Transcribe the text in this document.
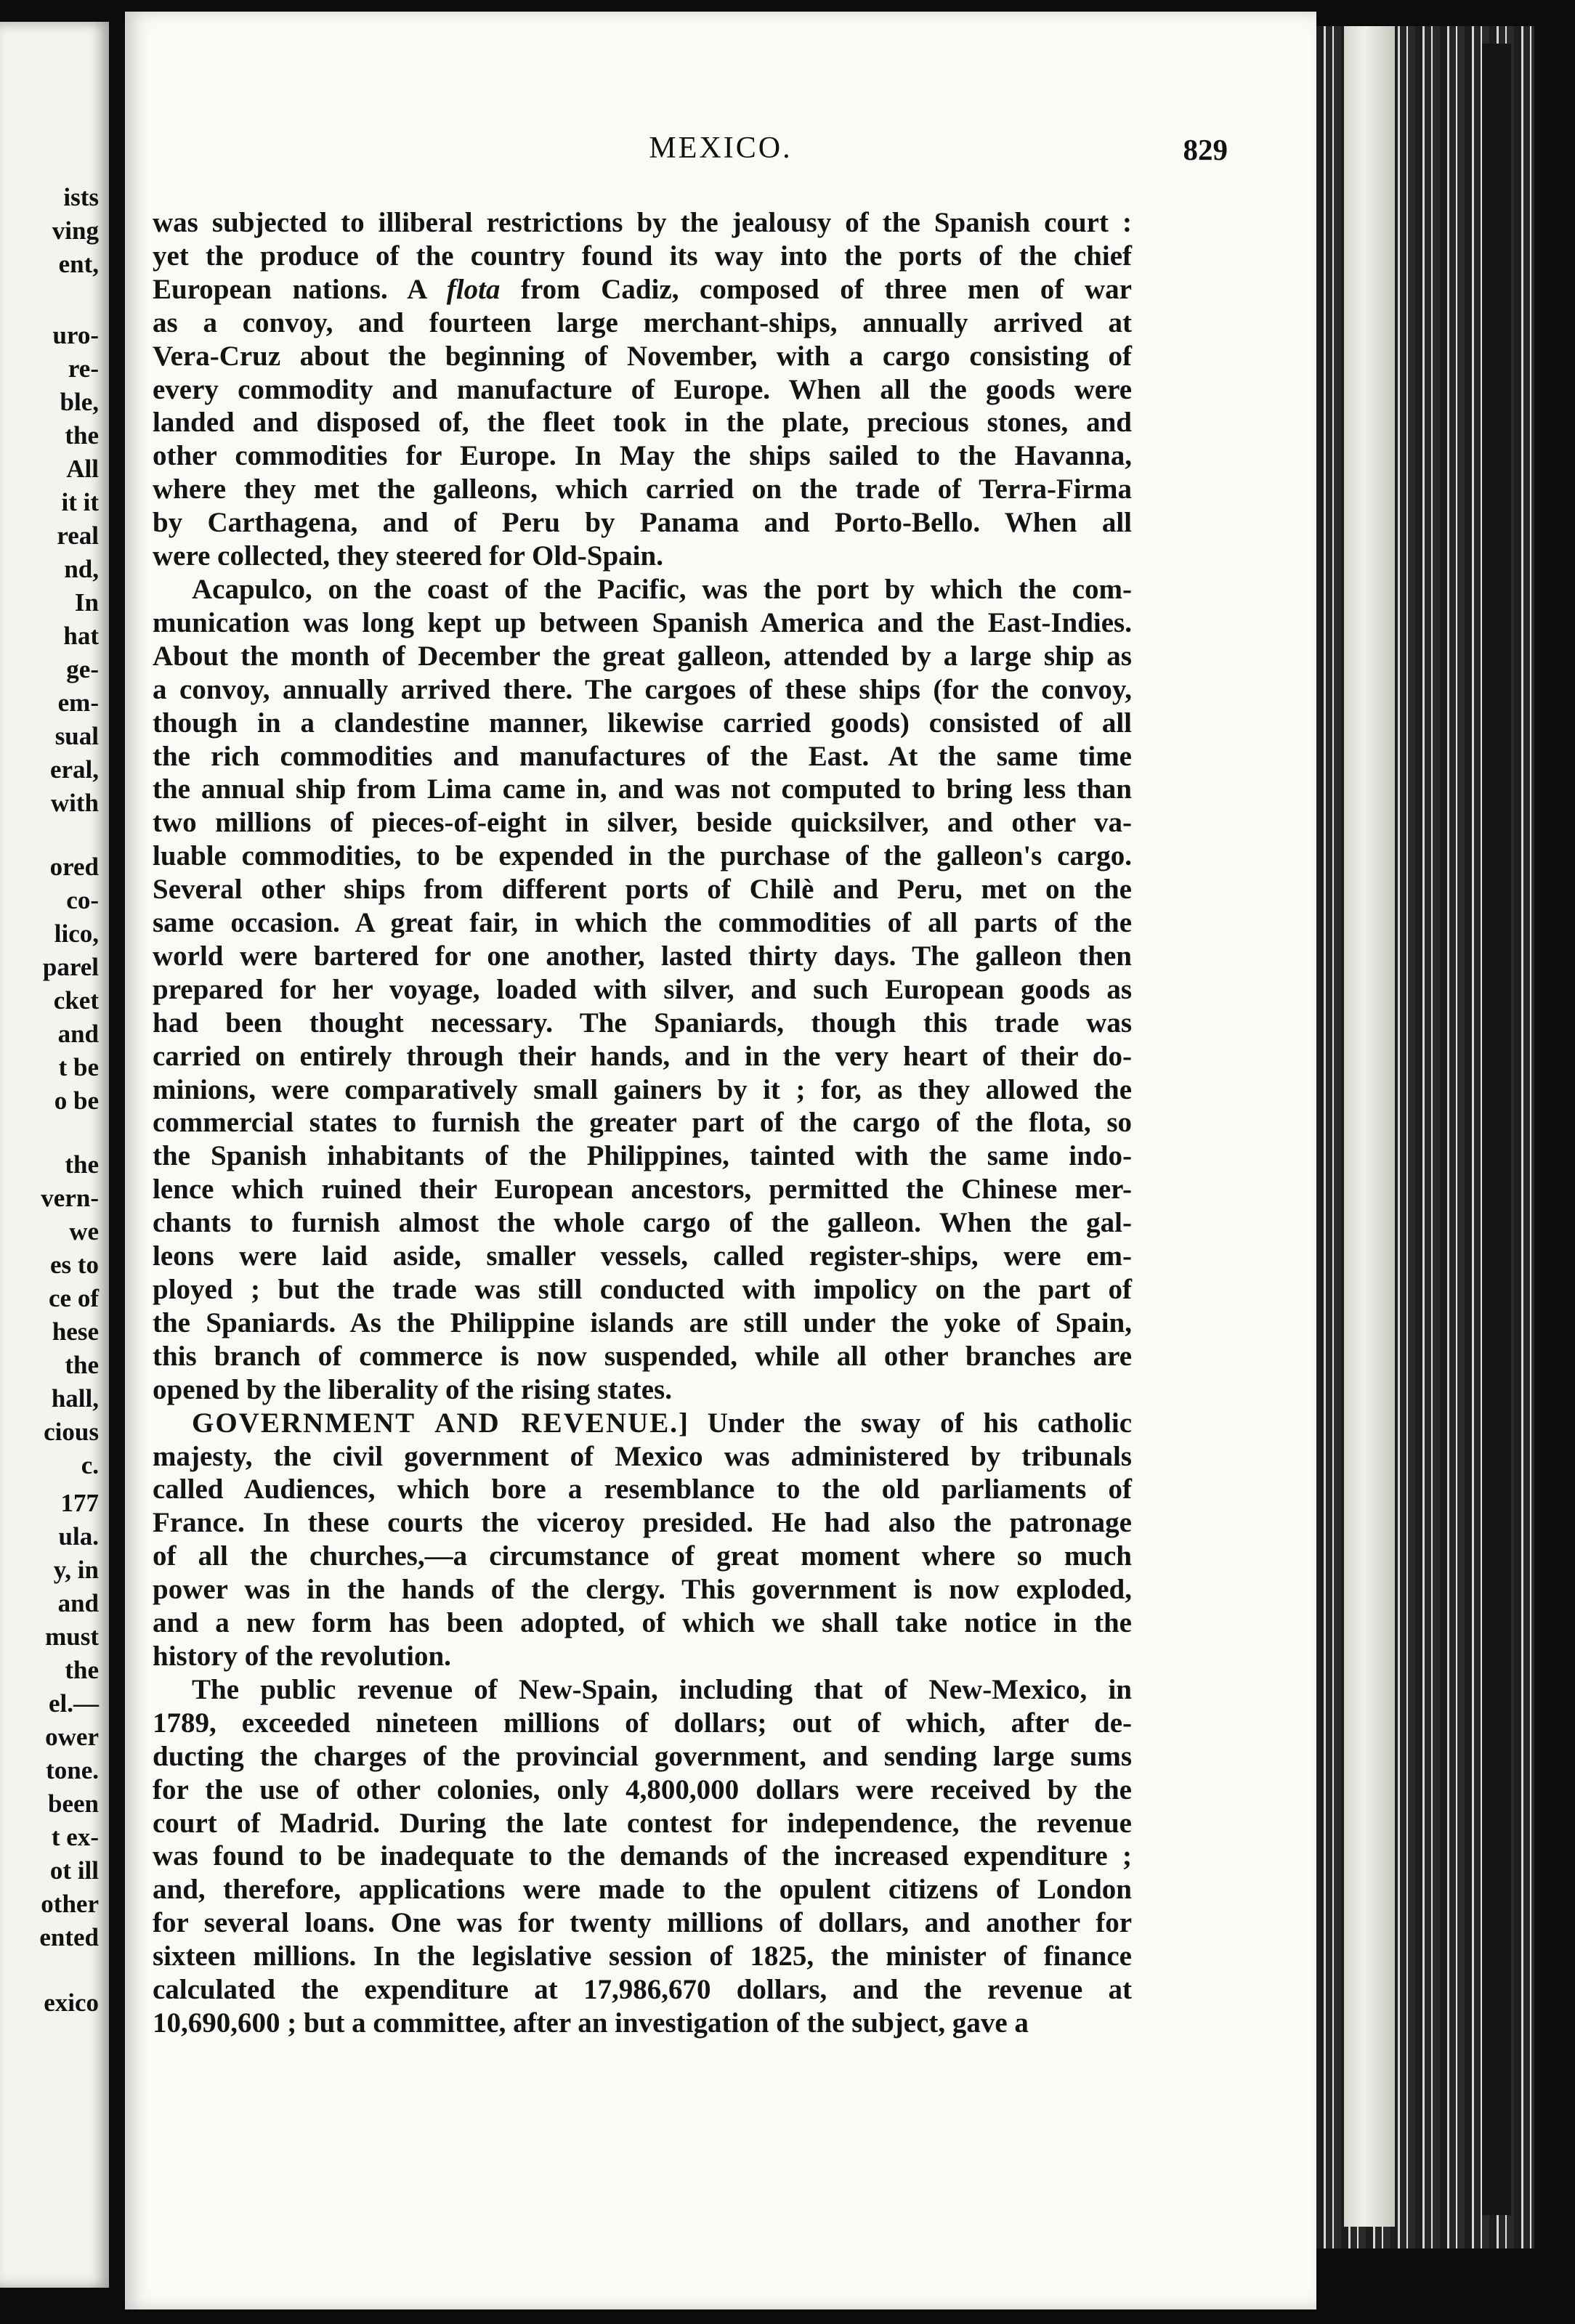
ists
ving
ent,
uro-
re-
ble,
the
All
it it
real
nd,
In
hat
ge-
em-
sual
eral,
with
ored
co-
lico,
parel
cket
and
t be
o be
the
vern-
we
es to
ce of
hese
the
hall,
cious
c.
177
ula.
y, in
and
must
the
el.—
ower
tone.
been
t ex-
ot ill
other
ented
exico
MEXICO.	829
was subjected to illiberal restrictions by the jealousy of the Spanish court :
yet the produce of the country found its way into the ports of the chief
European nations. A flota from Cadiz, composed of three men of war
as a convoy, and fourteen large merchant-ships, annually arrived at
Vera-Cruz about the beginning of November, with a cargo consisting of
every commodity and manufacture of Europe. When all the goods were
landed and disposed of, the fleet took in the plate, precious stones, and
other commodities for Europe. In May the ships sailed to the Havanna,
where they met the galleons, which carried on the trade of Terra-Firma
by Carthagena, and of Peru by Panama and Porto-Bello. When all
were collected, they steered for Old-Spain.
Acapulco, on the coast of the Pacific, was the port by which the com-
munication was long kept up between Spanish America and the East-Indies.
About the month of December the great galleon, attended by a large ship as
a convoy, annually arrived there. The cargoes of these ships (for the convoy,
though in a clandestine manner, likewise carried goods) consisted of all
the rich commodities and manufactures of the East. At the same time
the annual ship from Lima came in, and was not computed to bring less than
two millions of pieces-of-eight in silver, beside quicksilver, and other va-
luable commodities, to be expended in the purchase of the galleon's cargo.
Several other ships from different ports of Chilè and Peru, met on the
same occasion. A great fair, in which the commodities of all parts of the
world were bartered for one another, lasted thirty days. The galleon then
prepared for her voyage, loaded with silver, and such European goods as
had been thought necessary. The Spaniards, though this trade was
carried on entirely through their hands, and in the very heart of their do-
minions, were comparatively small gainers by it ; for, as they allowed the
commercial states to furnish the greater part of the cargo of the flota, so
the Spanish inhabitants of the Philippines, tainted with the same indo-
lence which ruined their European ancestors, permitted the Chinese mer-
chants to furnish almost the whole cargo of the galleon. When the gal-
leons were laid aside, smaller vessels, called register-ships, were em-
ployed ; but the trade was still conducted with impolicy on the part of
the Spaniards. As the Philippine islands are still under the yoke of Spain,
this branch of commerce is now suspended, while all other branches are
opened by the liberality of the rising states.
GOVERNMENT AND REVENUE.] Under the sway of his catholic
majesty, the civil government of Mexico was administered by tribunals
called Audiences, which bore a resemblance to the old parliaments of
France. In these courts the viceroy presided. He had also the patronage
of all the churches,—a circumstance of great moment where so much
power was in the hands of the clergy. This government is now exploded,
and a new form has been adopted, of which we shall take notice in the
history of the revolution.
The public revenue of New-Spain, including that of New-Mexico, in
1789, exceeded nineteen millions of dollars; out of which, after de-
ducting the charges of the provincial government, and sending large sums
for the use of other colonies, only 4,800,000 dollars were received by the
court of Madrid. During the late contest for independence, the revenue
was found to be inadequate to the demands of the increased expenditure ;
and, therefore, applications were made to the opulent citizens of London
for several loans. One was for twenty millions of dollars, and another for
sixteen millions. In the legislative session of 1825, the minister of finance
calculated the expenditure at 17,986,670 dollars, and the revenue at
10,690,600 ; but a committee, after an investigation of the subject, gave a
